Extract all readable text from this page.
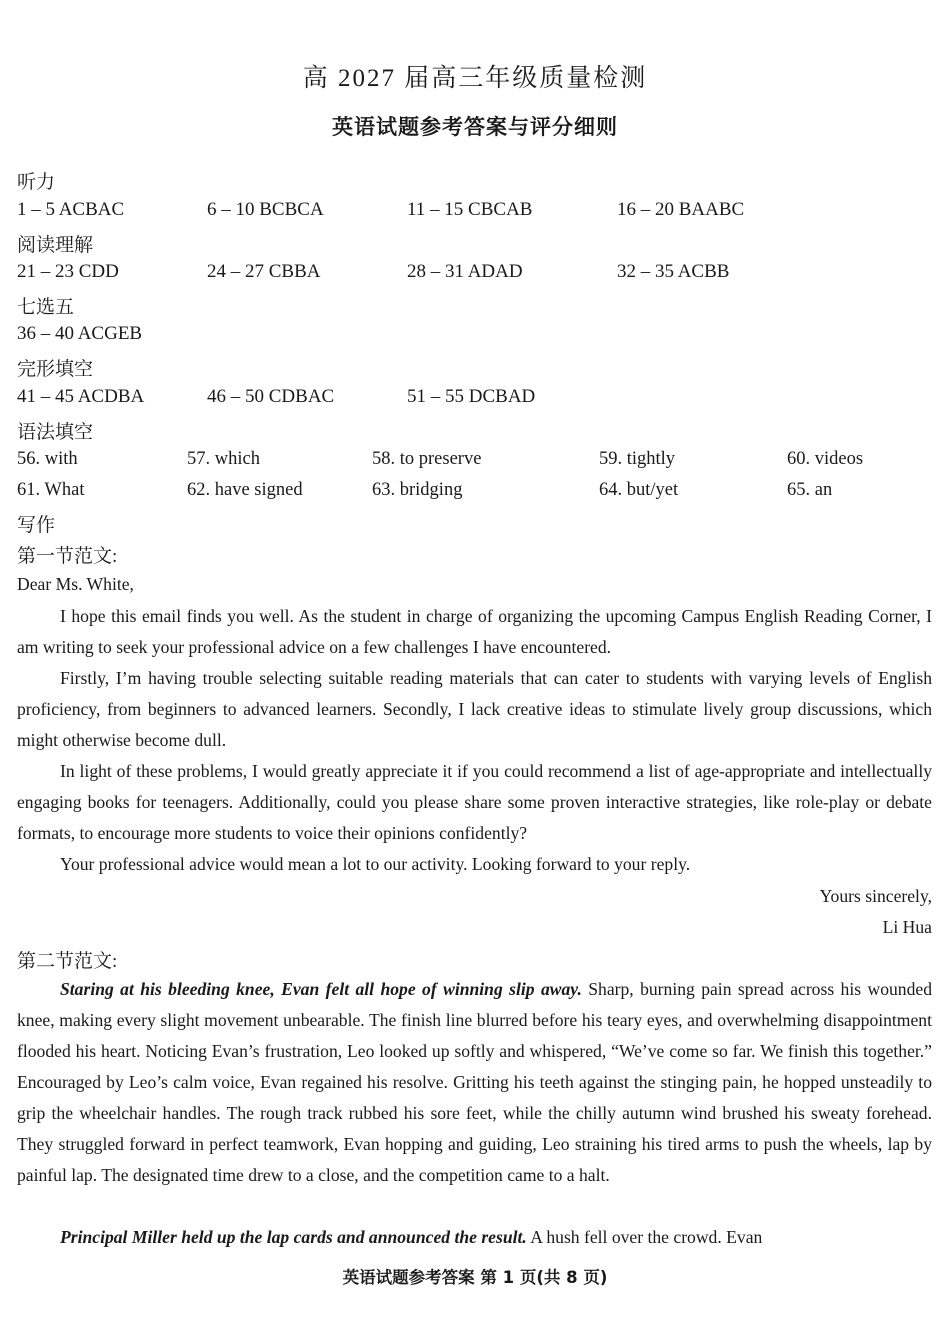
高 2027 届高三年级质量检测
英语试题参考答案与评分细则
听力
1 – 5 ACBAC	6 – 10 BCBCA	11 – 15 CBCAB	16 – 20 BAABC
阅读理解
21 – 23 CDD	24 – 27 CBBA	28 – 31 ADAD	32 – 35 ACBB
七选五
36 – 40 ACGEB
完形填空
41 – 45 ACDBA	46 – 50 CDBAC	51 – 55 DCBAD
语法填空
56. with	57. which	58. to preserve	59. tightly	60. videos
61. What	62. have signed	63. bridging	64. but/yet	65. an
写作
第一节范文:
Dear Ms. White,
I hope this email finds you well. As the student in charge of organizing the upcoming Campus English Reading Corner, I am writing to seek your professional advice on a few challenges I have encountered.
Firstly, I’m having trouble selecting suitable reading materials that can cater to students with varying levels of English proficiency, from beginners to advanced learners. Secondly, I lack creative ideas to stimulate lively group discussions, which might otherwise become dull.
In light of these problems, I would greatly appreciate it if you could recommend a list of age-appropriate and intellectually engaging books for teenagers. Additionally, could you please share some proven interactive strategies, like role-play or debate formats, to encourage more students to voice their opinions confidently?
Your professional advice would mean a lot to our activity. Looking forward to your reply.
Yours sincerely,
Li Hua
第二节范文:
Staring at his bleeding knee, Evan felt all hope of winning slip away. Sharp, burning pain spread across his wounded knee, making every slight movement unbearable. The finish line blurred before his teary eyes, and overwhelming disappointment flooded his heart. Noticing Evan’s frustration, Leo looked up softly and whispered, “We’ve come so far. We finish this together.” Encouraged by Leo’s calm voice, Evan regained his resolve. Gritting his teeth against the stinging pain, he hopped unsteadily to grip the wheelchair handles. The rough track rubbed his sore feet, while the chilly autumn wind brushed his sweaty forehead. They struggled forward in perfect teamwork, Evan hopping and guiding, Leo straining his tired arms to push the wheels, lap by painful lap. The designated time drew to a close, and the competition came to a halt.
Principal Miller held up the lap cards and announced the result. A hush fell over the crowd. Evan
英语试题参考答案 第 1 页(共 8 页)
